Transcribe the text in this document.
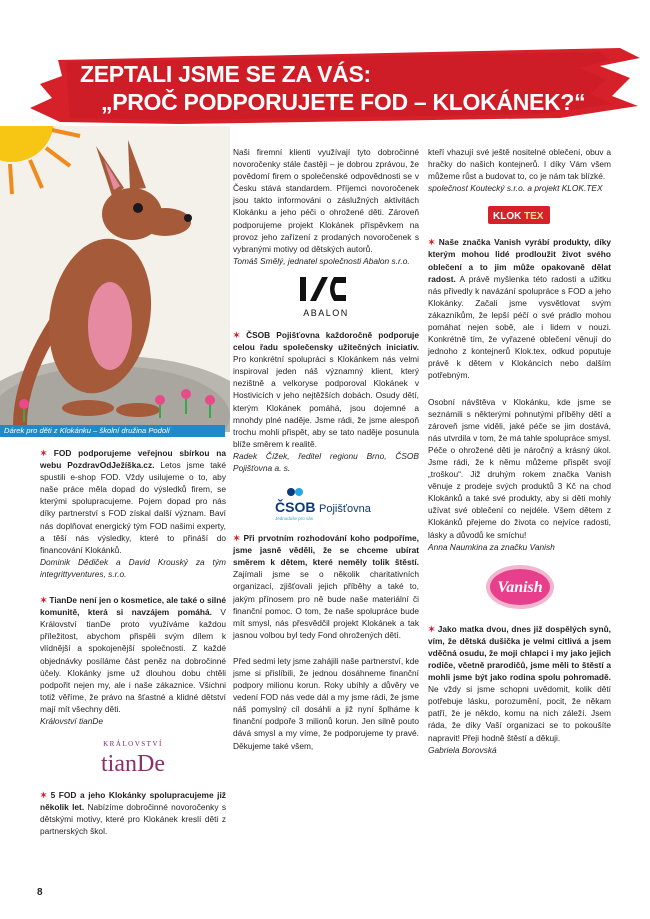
ZEPTALI JSME SE ZA VÁS:
„PROČ PODPORUJETE FOD – KLOKÁNEK?“
Dárek pro děti z Klokánku – školní družina Podolí

✶ FOD podporujeme veřejnou sbírkou na webu PozdravOdJežíška.cz. Letos jsme také spustili e-shop FOD. Vždy usilujeme o to, aby naše práce měla dopad do výsledků firem, se kterými spolupracujeme. Pojem dopad pro nás díky partnerství s FOD získal další význam. Baví nás doplňovat energický tým FOD našimi experty, a těší nás výsledky, které to přináší do financování Klokánků.

Dominik Dědiček a David Krouský za tým integrittyventures, s.r.o.

✶ TianDe není jen o kosmetice, ale také o silné komunitě, která si navzájem pomáhá. V Království tianDe proto využíváme každou příležitost, abychom přispěli svým dílem k vlídnější a spokojenější společnosti. Z každé objednávky posíláme část peněz na dobročinné účely. Klokánky jsme už dlouhou dobu chtěli podpořit nejen my, ale i naše zákaznice. Všichni totiž věříme, že právo na šťastné a klidné dětství mají mít všechny děti.

Království tianDe

KRÁLOVSTVÍ
tianDe

✶ 5 FOD a jeho Klokánky spolupracujeme již několik let. Nabízíme dobročinné novoročenky s dětskými motivy, které pro Klokánek kreslí děti z partnerských škol.

Naši firemní klienti využívají tyto dobročinné novoročenky stále častěji – je dobrou zprávou, že povědomí firem o společenské odpovědnosti se v Česku stává standardem. Příjemci novoročenek jsou takto informováni o záslužných aktivitách Klokánku a jeho péči o ohrožené děti. Zároveň podporujeme projekt Klokánek příspěvkem na provoz jeho zařízení z prodaných novoročenek s vybranými motivy od dětských autorů.

Tomáš Smělý, jednatel společnosti Abalon s.r.o.

ABALON

✶ ČSOB Pojišťovna každoročně podporuje celou řadu společensky užitečných iniciativ. Pro konkrétní spolupráci s Klokánkem nás velmi inspiroval jeden náš významný klient, který nezištně a velkoryse podporoval Klokánek v Hostivicích v jeho nejtěžších dobách. Osudy dětí, kterým Klokánek pomáhá, jsou dojemné a mnohdy plné naděje. Jsme rádi, že jsme alespoň trochu mohli přispět, aby se tato naděje posunula blíže směrem k realitě.

Radek Čížek, ředitel regionu Brno, ČSOB Pojišťovna a. s.

ČSOB Pojišťovna
Jednoduše pro vás

✶ Při prvotním rozhodování koho podpoříme, jsme jasně věděli, že se chceme ubírat směrem k dětem, které neměly tolik štěstí. Zajímali jsme se o několik charitativních organizací, zjišťovali jejich příběhy a také to, jakým přínosem pro ně bude naše materiální či finanční pomoc. O tom, že naše spolupráce bude mít smysl, nás přesvědčil projekt Klokánek a tak jasnou volbou byl tedy Fond ohrožených dětí.

Před sedmi lety jsme zahájili naše partnerství, kde jsme si přislíbili, že jednou dosáhneme finanční podpory milionu korun. Roky ubíhly a důvěry ve vedení FOD nás vede dál a my jsme rádi, že jsme náš pomyslný cíl dosáhli a již nyní šplháme k finanční podpoře 3 milionů korun. Jen silně pouto dává smysl a my víme, že podporujeme ty pravé. Děkujeme také všem,

kteří vhazují své ještě nositelné oblečení, obuv a hračky do našich kontejnerů. I díky Vám všem můžeme růst a budovat to, co je nám tak blízké.

společnost Koutecký s.r.o. a projekt KLOK.TEX

KLOK TEX

✶ Naše značka Vanish vyrábí produkty, díky kterým mohou lidé prodloužit život svého oblečení a to jim může opakovaně dělat radost. A právě myšlenka této radosti a užitku nás přivedly k navázání spolupráce s FOD a jeho Klokánky. Začali jsme vysvětlovat svým zákazníkům, že lepší péčí o své prádlo mohou pomáhat nejen sobě, ale i lidem v nouzi. Konkrétně tím, že vyřazené oblečení věnují do jednoho z kontejnerů Klok.tex, odkud poputuje právě k dětem v Klokáncích nebo dalším potřebným.

Osobní návštěva v Klokánku, kde jsme se seznámili s některými pohnutými příběhy dětí a zároveň jsme viděli, jaké péče se jim dostává, nás utvrdila v tom, že má tahle spolupráce smysl. Péče o ohrožené děti je náročný a krásný úkol. Jsme rádi, že k němu můžeme přispět svojí „troškou“. Již druhým rokem značka Vanish věnuje z prodeje svých produktů 3 Kč na chod Klokánků a také své produkty, aby si děti mohly užívat své oblečení co nejdéle. Všem dětem z Klokánků přejeme do života co nejvíce radosti, lásky a důvodů ke smíchu!

Anna Naumkina za značku Vanish

Vanish

✶ Jako matka dvou, dnes již dospělých synů, vím, že dětská dušička je velmi citlivá a jsem vděčná osudu, že moji chlapci i my jako jejich rodiče, včetně prarodičů, jsme měli to štěstí a mohli jsme být jako rodina spolu pohromadě. Ne vždy si jsme schopni uvědomit, kolik dětí potřebuje lásku, porozumění, pocit, že někam patří, že je někdo, komu na nich záleží. Jsem ráda, že díky Vaší organizaci se to pokoušíte napravit! Přeji hodně štěstí a děkuji.

Gabriela Borovská

8
